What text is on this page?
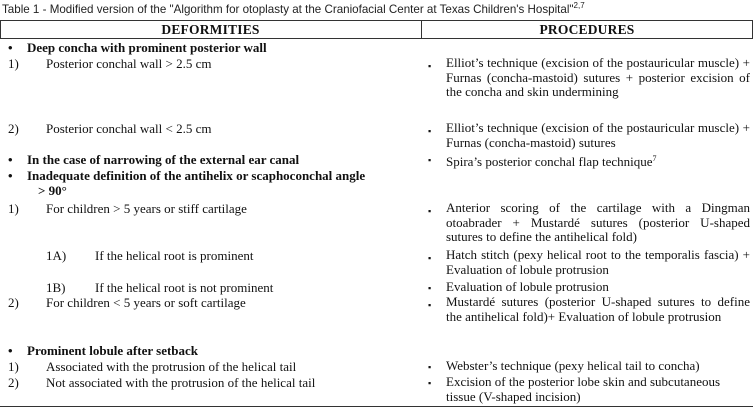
Table 1 - Modified version of the "Algorithm for otoplasty at the Craniofacial Center at Texas Children's Hospital"$^{2,7}$
DEFORMITIES	PROCEDURES
• Deep concha with prominent posterior wall
1) Posterior conchal wall > 2.5 cm	▪ Elliot’s technique (excision of the postauricular muscle) + Furnas (concha-mastoid) sutures + posterior excision of the concha and skin undermining
2) Posterior conchal wall < 2.5 cm	▪ Elliot’s technique (excision of the postauricular muscle) + Furnas (concha-mastoid) sutures
• In the case of narrowing of the external ear canal	▪ Spira’s posterior conchal flap technique$^7$
• Inadequate definition of the antihelix or scaphoconchal angle
> 90°
1) For children > 5 years or stiff cartilage	▪ Anterior scoring of the cartilage with a Dingman otoabrader + Mustardé sutures (posterior U-shaped sutures to define the antihelical fold)
1A) If the helical root is prominent	▪ Hatch stitch (pexy helical root to the temporalis fascia) + Evaluation of lobule protrusion
1B) If the helical root is not prominent	▪ Evaluation of lobule protrusion
2) For children < 5 years or soft cartilage	▪ Mustardé sutures (posterior U-shaped sutures to define the antihelical fold)+ Evaluation of lobule protrusion
• Prominent lobule after setback
1) Associated with the protrusion of the helical tail	▪ Webster’s technique (pexy helical tail to concha)
2) Not associated with the protrusion of the helical tail	▪ Excision of the posterior lobe skin and subcutaneous tissue (V-shaped incision)
